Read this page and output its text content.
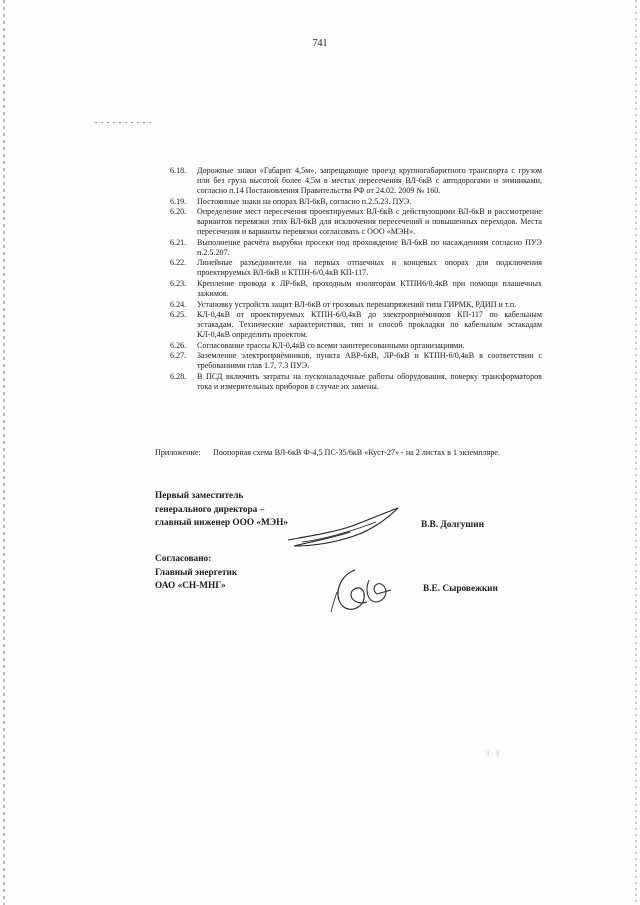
741
6.18.	Дорожные знаки «Габарит 4,5м», запрещающие проезд крупногабаритного транспорта с грузом или без груза высотой более 4,5м в местах пересечения ВЛ-6кВ с автодорогами и зимниками, согласно п.14 Постановления Правительства РФ от 24.02. 2009 № 160.
6.19.	Постоянные знаки на опорах ВЛ-6кВ, согласно п.2.5.23. ПУЭ.
6.20.	Определение мест пересечения проектируемых ВЛ-6кВ с действующими ВЛ-6кВ и рассмотрение вариантов перевязки этих ВЛ-6кВ для исключения пересечений и повышенных переходов. Места пересечения и варианты перевязки согласовать с ООО «МЭН».
6.21.	Выполнение расчёта вырубки просеки под прохождение ВЛ-6кВ по насаждениям согласно ПУЭ п.2.5.207.
6.22.	Линейные разъединители на первых отпаечных и концевых опорах для подключения проектируемых ВЛ-6кВ и КТПН-6/0,4кВ КП-117.
6.23.	Крепление провода к ЛР-6кВ, проходным изоляторам КТПН6/0.4кВ при помощи плашечных зажимов.
6.24.	Установку устройств защит ВЛ-6кВ от грозовых перенапряжений типа ГИРМК, РДИП и т.п.
6.25.	КЛ-0,4кВ от проектируемых КТПН-6/0,4кВ до электроприёмников КП-117 по кабельным эстакадам. Технические характеристики, тип и способ прокладки по кабельным эстакадам КЛ-0,4кВ определить проектом.
6.26.	Согласование трассы КЛ-0,4кВ со всеми заинтересованными организациями.
6.27.	Заземление электроприёмников, пункта АВР-6кВ, ЛР-6кВ и КТПН-6/0,4кВ в соответствии с требованиями глав 1.7, 7.3 ПУЭ.
6.28.	В ПСД включить затраты на пусконаладочные работы оборудования, поверку трансформаторов тока и измерительных приборов в случае их замены.
Приложение:	Поопорная схема ВЛ-6кВ Ф-4,5 ПС-35/6кВ «Куст-27» - на 2 листах в 1 экземпляре.
Первый заместитель
генерального директора –
главный инженер ООО «МЭН»	В.В. Долгушин
Согласовано:
Главный энергетик
ОАО «СН-МНГ»	В.Е. Сыровежкин
⸽⸽ ·· ⸽⸽
